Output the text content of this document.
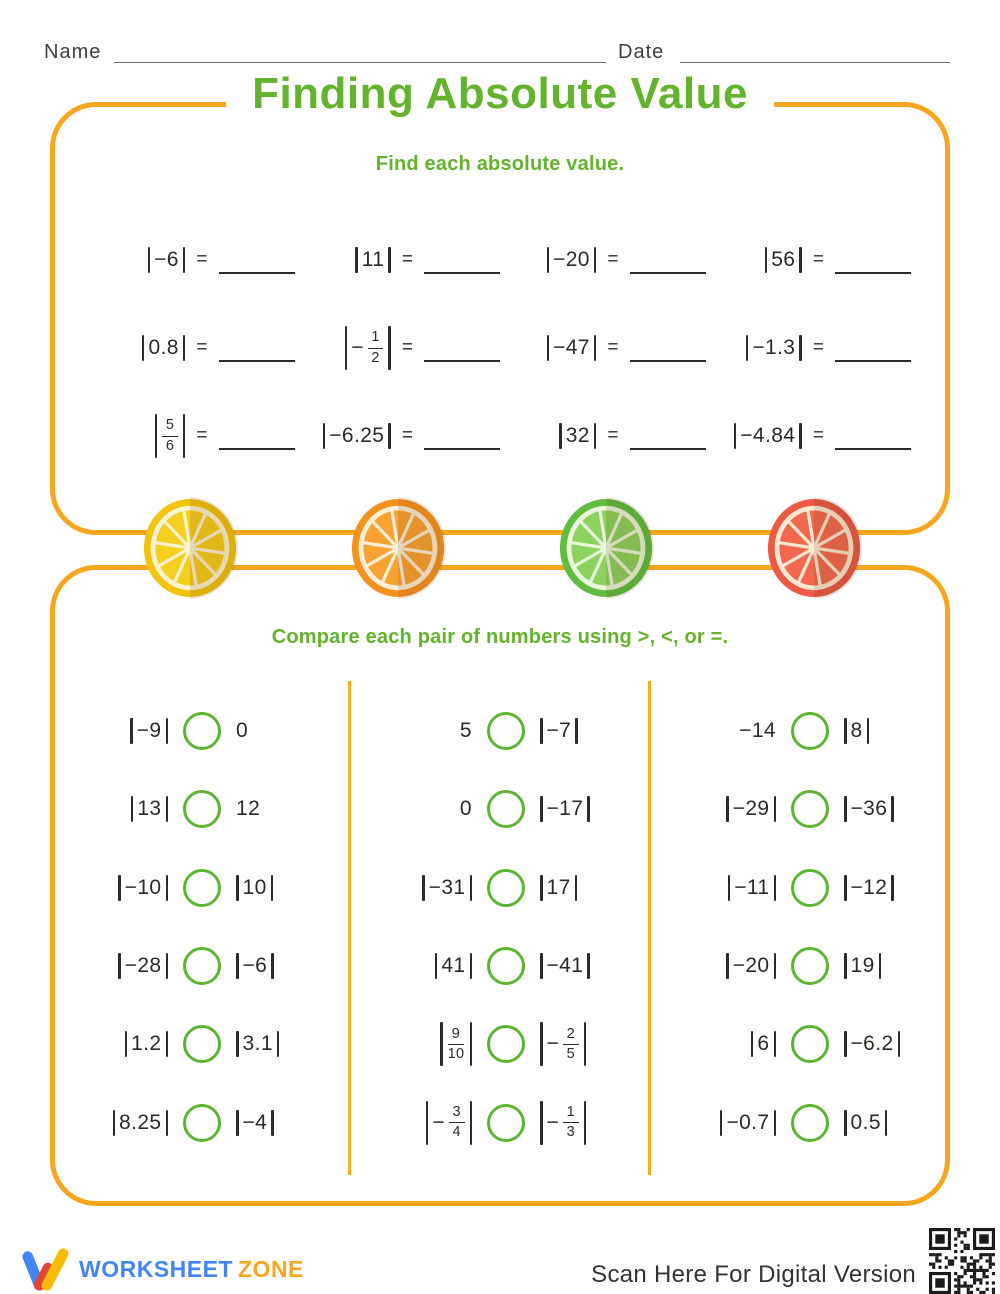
Name	Date
Finding Absolute Value
Find each absolute value.
−6 =	11 =	−20 =	56 =
0.8 =	− $\frac{1}{2}$ =	−47 =	−1.3 =
$\frac{5}{6}$ =	−6.25 =	32 =	−4.84 =
Compare each pair of numbers using >, <, or =.
−9	0
13	12
−10	10
−28	−6
1.2	3.1
8.25	−4
5	−7
0	−17
−31	17
41	−41
$\frac{9}{10}$	− $\frac{2}{5}$
− $\frac{3}{4}$	− $\frac{1}{3}$
−14	8
−29	−36
−11	−12
−20	19
6	−6.2
−0.7	0.5
WORKSHEET ZONE	Scan Here For Digital Version
